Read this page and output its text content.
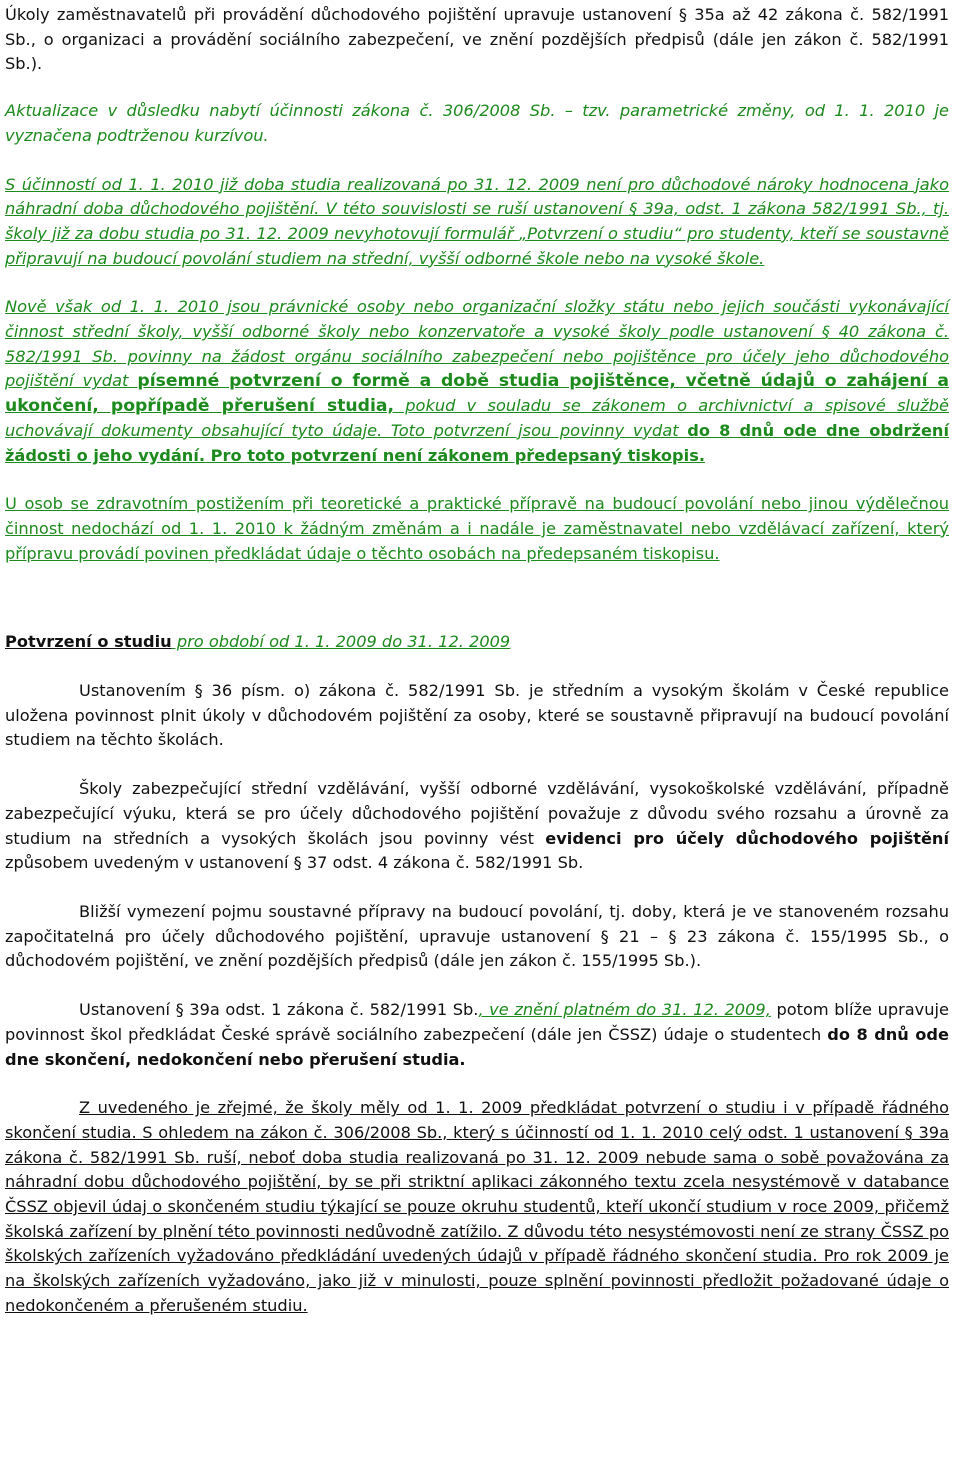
Úkoly zaměstnavatelů při provádění důchodového pojištění upravuje ustanovení § 35a až 42 zákona č. 582/1991 Sb., o organizaci a provádění sociálního zabezpečení, ve znění pozdějších předpisů (dále jen zákon č. 582/1991 Sb.).

Aktualizace v důsledku nabytí účinnosti zákona č. 306/2008 Sb. – tzv. parametrické změny, od 1. 1. 2010 je vyznačena podtrženou kurzívou.

S účinností od 1. 1. 2010 již doba studia realizovaná po 31. 12. 2009 není pro důchodové nároky hodnocena jako náhradní doba důchodového pojištění. V této souvislosti se ruší ustanovení § 39a, odst. 1 zákona 582/1991 Sb., tj. školy již za dobu studia po 31. 12. 2009 nevyhotovují formulář „Potvrzení o studiu“ pro studenty, kteří se soustavně připravují na budoucí povolání studiem na střední, vyšší odborné škole nebo na vysoké škole.

Nově však od 1. 1. 2010 jsou právnické osoby nebo organizační složky státu nebo jejich součásti vykonávající činnost střední školy, vyšší odborné školy nebo konzervatoře a vysoké školy podle ustanovení § 40 zákona č. 582/1991 Sb. povinny na žádost orgánu sociálního zabezpečení nebo pojištěnce pro účely jeho důchodového pojištění vydat písemné potvrzení o formě a době studia pojištěnce, včetně údajů o zahájení a ukončení, popřípadě přerušení studia, pokud v souladu se zákonem o archivnictví a spisové službě uchovávají dokumenty obsahující tyto údaje. Toto potvrzení jsou povinny vydat do 8 dnů ode dne obdržení žádosti o jeho vydání. Pro toto potvrzení není zákonem předepsaný tiskopis.

U osob se zdravotním postižením při teoretické a praktické přípravě na budoucí povolání nebo jinou výdělečnou činnost nedochází od 1. 1. 2010 k žádným změnám a i nadále je zaměstnavatel nebo vzdělávací zařízení, který přípravu provádí povinen předkládat údaje o těchto osobách na předepsaném tiskopisu.

Potvrzení o studiu pro období od 1. 1. 2009 do 31. 12. 2009

Ustanovením § 36 písm. o) zákona č. 582/1991 Sb. je středním a vysokým školám v České republice uložena povinnost plnit úkoly v důchodovém pojištění za osoby, které se soustavně připravují na budoucí povolání studiem na těchto školách.

Školy zabezpečující střední vzdělávání, vyšší odborné vzdělávání, vysokoškolské vzdělávání, případně zabezpečující výuku, která se pro účely důchodového pojištění považuje z důvodu svého rozsahu a úrovně za studium na středních a vysokých školách jsou povinny vést evidenci pro účely důchodového pojištění způsobem uvedeným v ustanovení § 37 odst. 4 zákona č. 582/1991 Sb.

Bližší vymezení pojmu soustavné přípravy na budoucí povolání, tj. doby, která je ve stanoveném rozsahu započitatelná pro účely důchodového pojištění, upravuje ustanovení § 21 – § 23 zákona č. 155/1995 Sb., o důchodovém pojištění, ve znění pozdějších předpisů (dále jen zákon č. 155/1995 Sb.).

Ustanovení § 39a odst. 1 zákona č. 582/1991 Sb., ve znění platném do 31. 12. 2009, potom blíže upravuje povinnost škol předkládat České správě sociálního zabezpečení (dále jen ČSSZ) údaje o studentech do 8 dnů ode dne skončení, nedokončení nebo přerušení studia.

Z uvedeného je zřejmé, že školy měly od 1. 1. 2009 předkládat potvrzení o studiu i v případě řádného skončení studia. S ohledem na zákon č. 306/2008 Sb., který s účinností od 1. 1. 2010 celý odst. 1 ustanovení § 39a zákona č. 582/1991 Sb. ruší, neboť doba studia realizovaná po 31. 12. 2009 nebude sama o sobě považována za náhradní dobu důchodového pojištění, by se při striktní aplikaci zákonného textu zcela nesystémově v databance ČSSZ objevil údaj o skončeném studiu týkající se pouze okruhu studentů, kteří ukončí studium v roce 2009, přičemž školská zařízení by plnění této povinnosti nedůvodně zatížilo. Z důvodu této nesystémovosti není ze strany ČSSZ po školských zařízeních vyžadováno předkládání uvedených údajů v případě řádného skončení studia. Pro rok 2009 je na školských zařízeních vyžadováno, jako již v minulosti, pouze splnění povinnosti předložit požadované údaje o nedokončeném a přerušeném studiu.
